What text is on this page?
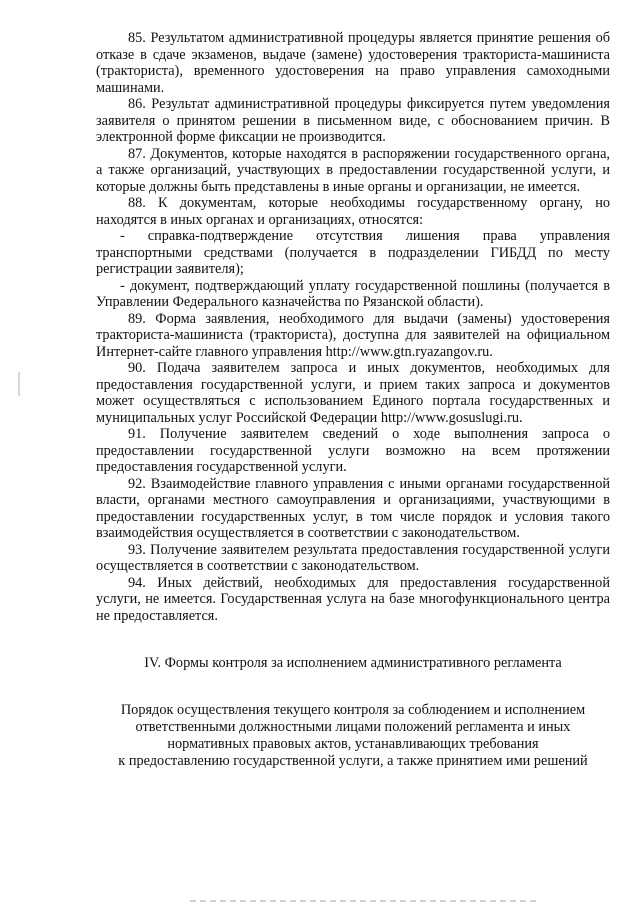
85. Результатом административной процедуры является принятие решения об отказе в сдаче экзаменов, выдаче (замене) удостоверения тракториста-машиниста (тракториста), временного удостоверения на право управления самоходными машинами.

86. Результат административной процедуры фиксируется путем уведомления заявителя о принятом решении в письменном виде, с обоснованием причин. В электронной форме фиксации не производится.

87. Документов, которые находятся в распоряжении государственного органа, а также организаций, участвующих в предоставлении государственной услуги, и которые должны быть представлены в иные органы и организации, не имеется.

88. К документам, которые необходимы государственному органу, но находятся в иных органах и организациях, относятся:

- справка-подтверждение отсутствия лишения права управления транспортными средствами (получается в подразделении ГИБДД по месту регистрации заявителя);

- документ, подтверждающий уплату государственной пошлины (получается в Управлении Федерального казначейства по Рязанской области).

89. Форма заявления, необходимого для выдачи (замены) удостоверения тракториста-машиниста (тракториста), доступна для заявителей на официальном Интернет-сайте главного управления http://www.gtn.ryazangov.ru.

90. Подача заявителем запроса и иных документов, необходимых для предоставления государственной услуги, и прием таких запроса и документов может осуществляться с использованием Единого портала государственных и муниципальных услуг Российской Федерации http://www.gosuslugi.ru.

91. Получение заявителем сведений о ходе выполнения запроса о предоставлении государственной услуги возможно на всем протяжении предоставления государственной услуги.

92. Взаимодействие главного управления с иными органами государственной власти, органами местного самоуправления и организациями, участвующими в предоставлении государственных услуг, в том числе порядок и условия такого взаимодействия осуществляется в соответствии с законодательством.

93. Получение заявителем результата предоставления государственной услуги осуществляется в соответствии с законодательством.

94. Иных действий, необходимых для предоставления государственной услуги, не имеется. Государственная услуга на базе многофункционального центра не предоставляется.

IV. Формы контроля за исполнением административного регламента
Порядок осуществления текущего контроля за соблюдением и исполнением
ответственными должностными лицами положений регламента и иных
нормативных правовых актов, устанавливающих требования
к предоставлению государственной услуги, а также принятием ими решений
